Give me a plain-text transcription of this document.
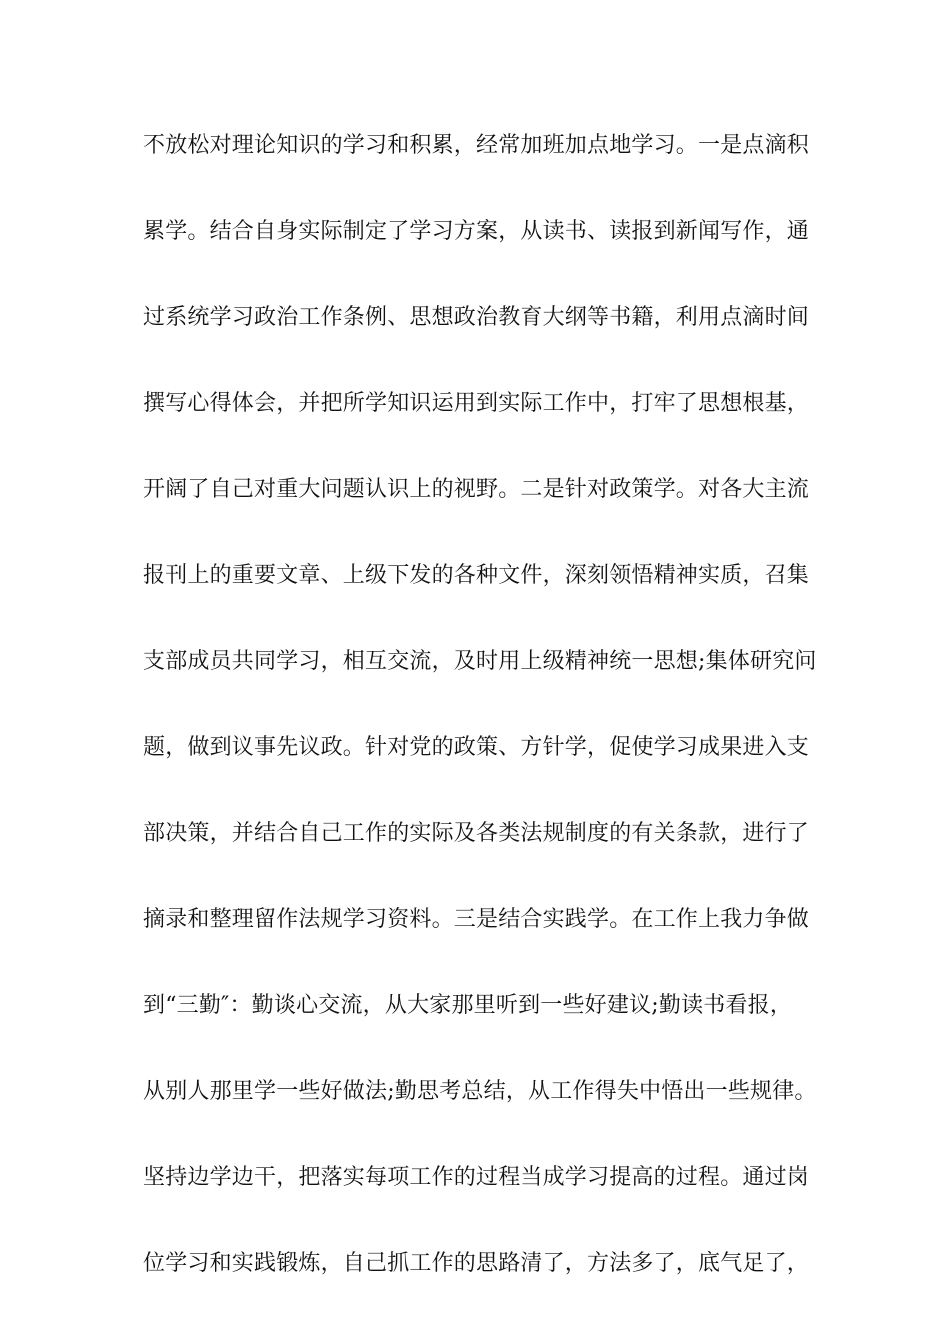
不放松对理论知识的学习和积累，经常加班加点地学习。一是点滴积
累学。结合自身实际制定了学习方案，从读书、读报到新闻写作，通
过系统学习政治工作条例、思想政治教育大纲等书籍，利用点滴时间
撰写心得体会，并把所学知识运用到实际工作中，打牢了思想根基，
开阔了自己对重大问题认识上的视野。二是针对政策学。对各大主流
报刊上的重要文章、上级下发的各种文件，深刻领悟精神实质，召集
支部成员共同学习，相互交流，及时用上级精神统一思想;集体研究问
题，做到议事先议政。针对党的政策、方针学，促使学习成果进入支
部决策，并结合自己工作的实际及各类法规制度的有关条款，进行了
摘录和整理留作法规学习资料。三是结合实践学。在工作上我力争做
到“三勤″：勤谈心交流，从大家那里听到一些好建议;勤读书看报，
从别人那里学一些好做法;勤思考总结，从工作得失中悟出一些规律。
坚持边学边干，把落实每项工作的过程当成学习提高的过程。通过岗
位学习和实践锻炼，自己抓工作的思路清了，方法多了，底气足了，
